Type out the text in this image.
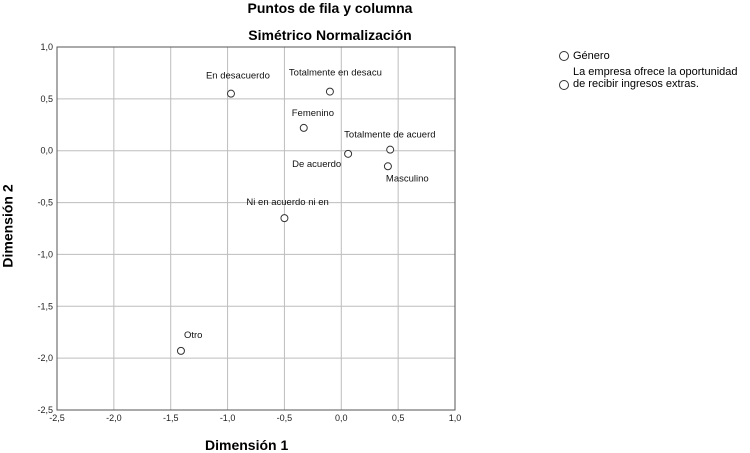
Puntos de fila y columna
Simétrico Normalización
-2,5	-2,0	-1,5	-1,0	-0,5	0,0	0,5	1,0
-2,5
-2,0
-1,5
-1,0
-0,5
0,0
0,5
1,0
Femenino
Masculino
Otro
En desacuerdo Totalmente en desacu
Totalmente de acuerd
De acuerdo
Ni en acuerdo ni en
Dimensión 1
Dimensión 2
Género
La empresa ofrece la oportunidad de recibir ingresos extras.
